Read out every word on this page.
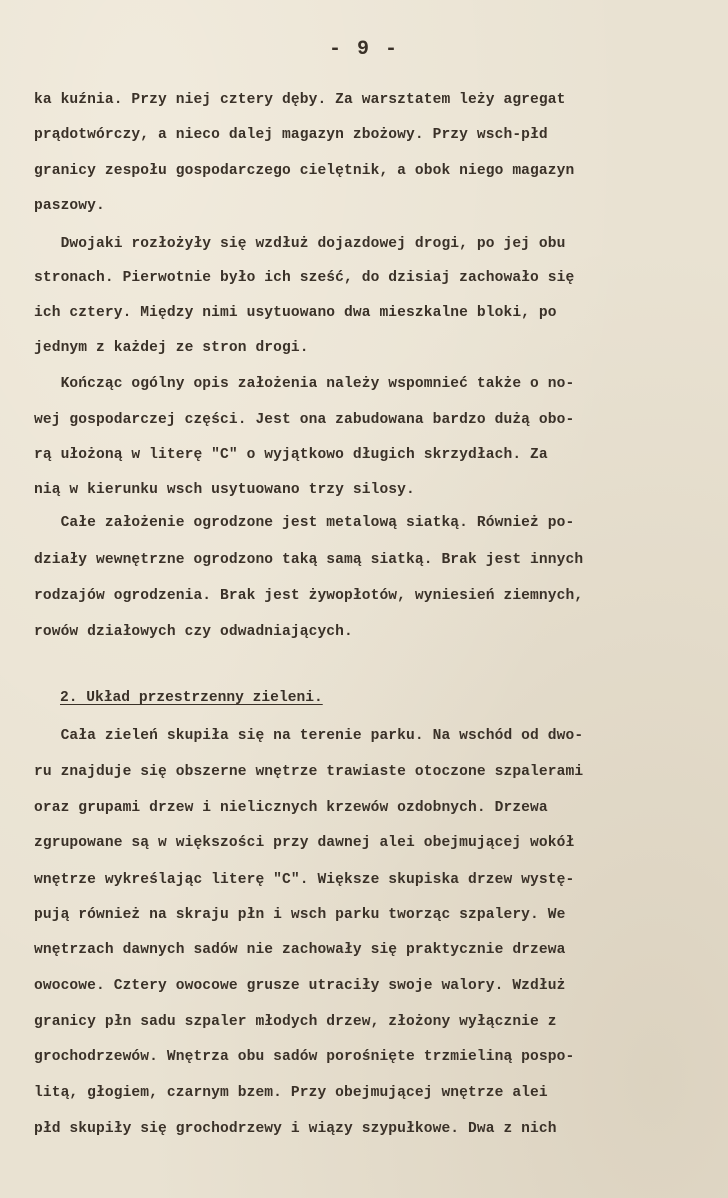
- 9 -
ka kuźnia. Przy niej cztery dęby. Za warsztatem leży agregat
prądotwórczy, a nieco dalej magazyn zbożowy. Przy wsch-płd
granicy zespołu gospodarczego cielętnik, a obok niego magazyn
paszowy.
Dwojaki rozłożyły się wzdłuż dojazdowej drogi, po jej obu
stronach. Pierwotnie było ich sześć, do dzisiaj zachowało się
ich cztery. Między nimi usytuowano dwa mieszkalne bloki, po
jednym z każdej ze stron drogi.
Kończąc ogólny opis założenia należy wspomnieć także o no-
wej gospodarczej części. Jest ona zabudowana bardzo dużą obo-
rą ułożoną w literę "C" o wyjątkowo długich skrzydłach. Za
nią w kierunku wsch usytuowano trzy silosy.
Całe założenie ogrodzone jest metalową siatką. Również po-
działy wewnętrzne ogrodzono taką samą siatką. Brak jest innych
rodzajów ogrodzenia. Brak jest żywopłotów, wyniesień ziemnych,
rowów działowych czy odwadniających.
2. Układ przestrzenny zieleni.
Cała zieleń skupiła się na terenie parku. Na wschód od dwo-
ru znajduje się obszerne wnętrze trawiaste otoczone szpalerami
oraz grupami drzew i nielicznych krzewów ozdobnych. Drzewa
zgrupowane są w większości przy dawnej alei obejmującej wokół
wnętrze wykreślając literę "C". Większe skupiska drzew wystę-
pują również na skraju płn i wsch parku tworząc szpalery. We
wnętrzach dawnych sadów nie zachowały się praktycznie drzewa
owocowe. Cztery owocowe grusze utraciły swoje walory. Wzdłuż
granicy płn sadu szpaler młodych drzew, złożony wyłącznie z
grochodrzewów. Wnętrza obu sadów porośnięte trzmieliną pospo-
litą, głogiem, czarnym bzem. Przy obejmującej wnętrze alei
płd skupiły się grochodrzewy i wiązy szypułkowe. Dwa z nich
